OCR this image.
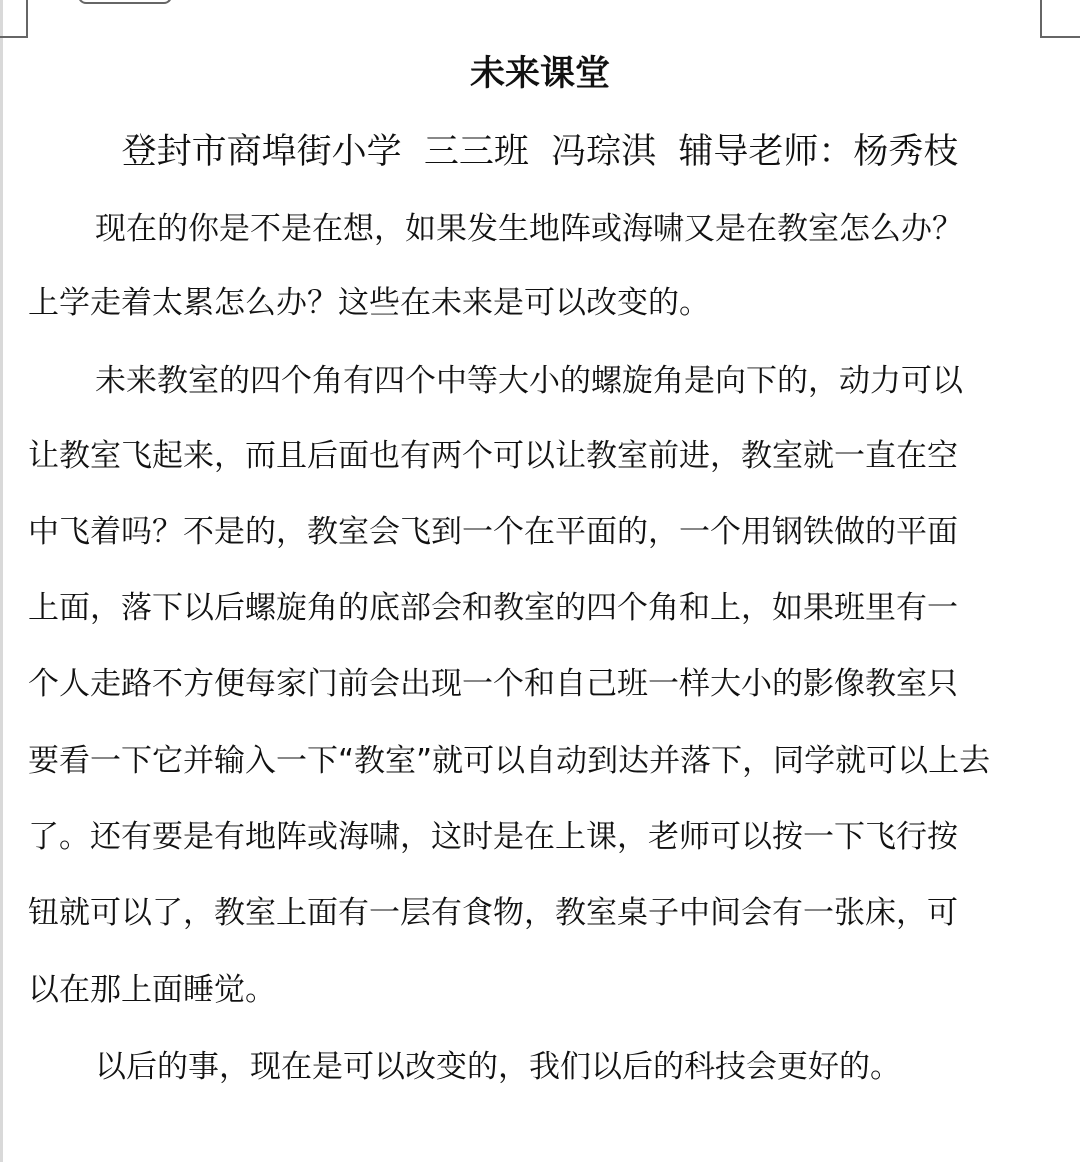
未来课堂
登封市商埠街小学  三三班  冯琮淇  辅导老师：杨秀枝
现在的你是不是在想，如果发生地阵或海啸又是在教室怎么办？
上学走着太累怎么办？这些在未来是可以改变的。
未来教室的四个角有四个中等大小的螺旋角是向下的，动力可以
让教室飞起来，而且后面也有两个可以让教室前进，教室就一直在空
中飞着吗？不是的，教室会飞到一个在平面的，一个用钢铁做的平面
上面，落下以后螺旋角的底部会和教室的四个角和上，如果班里有一
个人走路不方便每家门前会出现一个和自己班一样大小的影像教室只
要看一下它并输入一下“教室”就可以自动到达并落下，同学就可以上去
了。还有要是有地阵或海啸，这时是在上课，老师可以按一下飞行按
钮就可以了，教室上面有一层有食物，教室桌子中间会有一张床，可
以在那上面睡觉。
以后的事，现在是可以改变的，我们以后的科技会更好的。
